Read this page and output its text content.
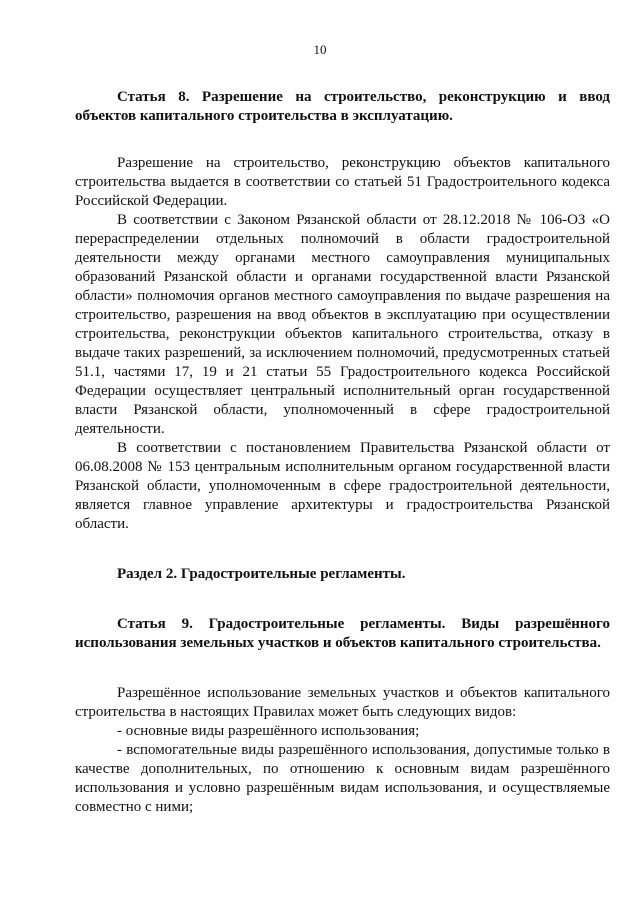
10

Статья 8. Разрешение на строительство, реконструкцию и ввод объектов капитального строительства в эксплуатацию.

Разрешение на строительство, реконструкцию объектов капитального строительства выдается в соответствии со статьей 51 Градостроительного кодекса Российской Федерации.

В соответствии с Законом Рязанской области от 28.12.2018 № 106-ОЗ «О перераспределении отдельных полномочий в области градостроительной деятельности между органами местного самоуправления муниципальных образований Рязанской области и органами государственной власти Рязанской области» полномочия органов местного самоуправления по выдаче разрешения на строительство, разрешения на ввод объектов в эксплуатацию при осуществлении строительства, реконструкции объектов капитального строительства, отказу в выдаче таких разрешений, за исключением полномочий, предусмотренных статьей 51.1, частями 17, 19 и 21 статьи 55 Градостроительного кодекса Российской Федерации осуществляет центральный исполнительный орган государственной власти Рязанской области, уполномоченный в сфере градостроительной деятельности.

В соответствии с постановлением Правительства Рязанской области от 06.08.2008 № 153 центральным исполнительным органом государственной власти Рязанской области, уполномоченным в сфере градостроительной деятельности, является главное управление архитектуры и градостроительства Рязанской области.

Раздел 2. Градостроительные регламенты.

Статья 9. Градостроительные регламенты. Виды разрешённого использования земельных участков и объектов капитального строительства.

Разрешённое использование земельных участков и объектов капитального строительства в настоящих Правилах может быть следующих видов:

- основные виды разрешённого использования;

- вспомогательные виды разрешённого использования, допустимые только в качестве дополнительных, по отношению к основным видам разрешённого использования и условно разрешённым видам использования, и осуществляемые совместно с ними;
